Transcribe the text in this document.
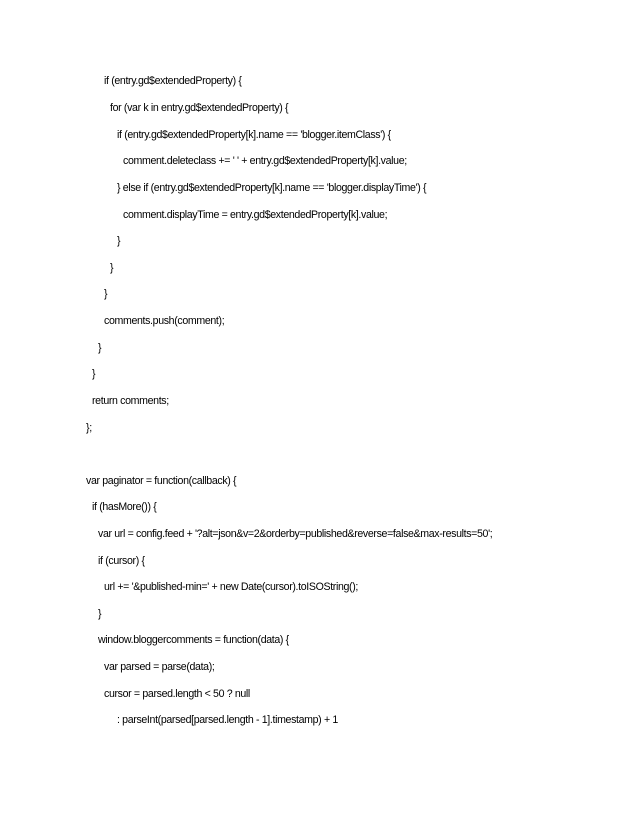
if (entry.gd$extendedProperty) {
for (var k in entry.gd$extendedProperty) {
if (entry.gd$extendedProperty[k].name == 'blogger.itemClass') {
comment.deleteclass += ' ' + entry.gd$extendedProperty[k].value;
} else if (entry.gd$extendedProperty[k].name == 'blogger.displayTime') {
comment.displayTime = entry.gd$extendedProperty[k].value;
}
}
}
comments.push(comment);
}
}
return comments;
};
var paginator = function(callback) {
if (hasMore()) {
var url = config.feed + '?alt=json&v=2&orderby=published&reverse=false&max-results=50';
if (cursor) {
url += '&published-min=' + new Date(cursor).toISOString();
}
window.bloggercomments = function(data) {
var parsed = parse(data);
cursor = parsed.length < 50 ? null
: parseInt(parsed[parsed.length - 1].timestamp) + 1
